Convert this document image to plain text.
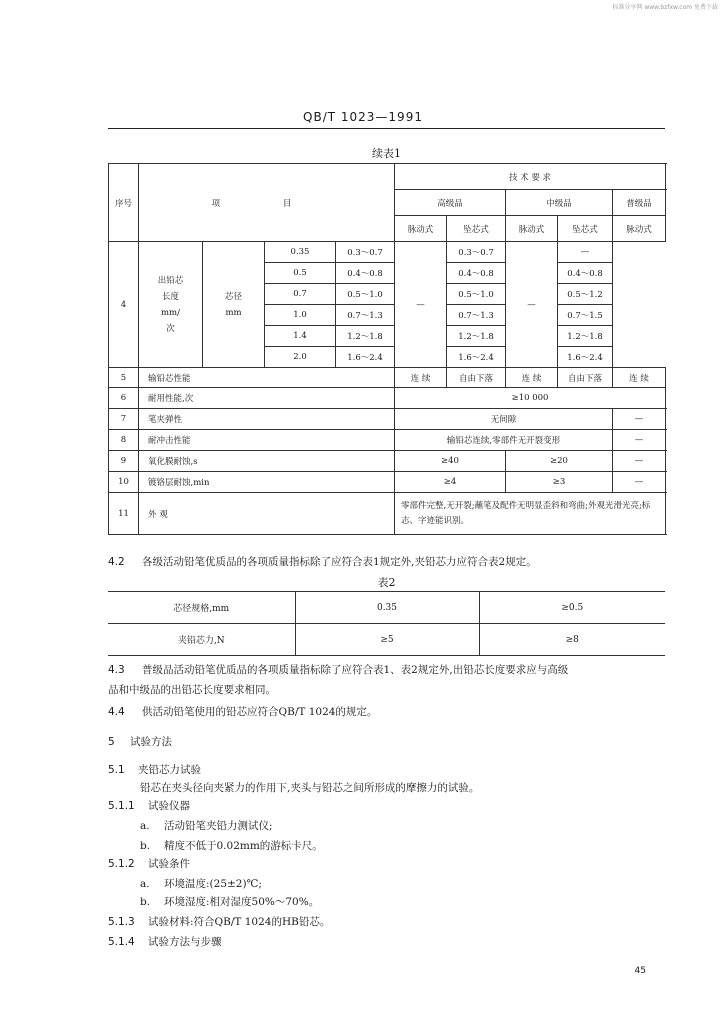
标准分享网 www.bzfxw.com 免费下载
QB/T 1023—1991
续表1
序号	项 目				技 术 要 求					
					高级品		中级品		普级品	
					脉动式	坠芯式	脉动式	坠芯式	脉动式	
4	出铅芯长度mm/次	芯径mm	0.35	0.3～0.7	—	0.3～0.7	—	—		
			0.5	0.4～0.8		0.4～0.8		0.4～0.8		
			0.7	0.5～1.0		0.5～1.0		0.5～1.2		
			1.0	0.7～1.3		0.7～1.3		0.7～1.5		
			1.4	1.2～1.8		1.2～1.8		1.2～1.8		
			2.0	1.6～2.4		1.6～2.4		1.6～2.4		
5	输铅芯性能				连 续	自由下落	连 续	自由下落	连 续	
6	耐用性能,次				≥10 000					
7	笔夹弹性				无间隙				—	
8	耐冲击性能				输铅芯连续,零部件无开裂变形				—	
9	氧化膜耐蚀,s				≥40		≥20		—	
10	镀铬层耐蚀,min				≥4		≥3		—	
11	外 观				零部件完整,无开裂;蘸笔及配件无明显歪斜和弯曲;外观光滑光亮;标志、字迹能识别。					
4.2 各级活动铅笔优质品的各项质量指标除了应符合表1规定外,夹铅芯力应符合表2规定。
表2
芯径规格,mm	0.35	≥0.5
夹铅芯力,N	≥5	≥8
4.3 普级品活动铅笔优质品的各项质量指标除了应符合表1、表2规定外,出铅芯长度要求应与高级
品和中级品的出铅芯长度要求相同。
4.4 供活动铅笔使用的铅芯应符合QB/T 1024的规定。
5 试验方法
5.1 夹铅芯力试验
铅芯在夹头径向夹紧力的作用下,夹头与铅芯之间所形成的摩擦力的试验。
5.1.1 试验仪器
a. 活动铅笔夹铅力测试仪;
b. 精度不低于0.02mm的游标卡尺。
5.1.2 试验条件
a. 环境温度:(25±2)℃;
b. 环境湿度:相对湿度50%～70%。
5.1.3 试验材料:符合QB/T 1024的HB铅芯。
5.1.4 试验方法与步骤
45
